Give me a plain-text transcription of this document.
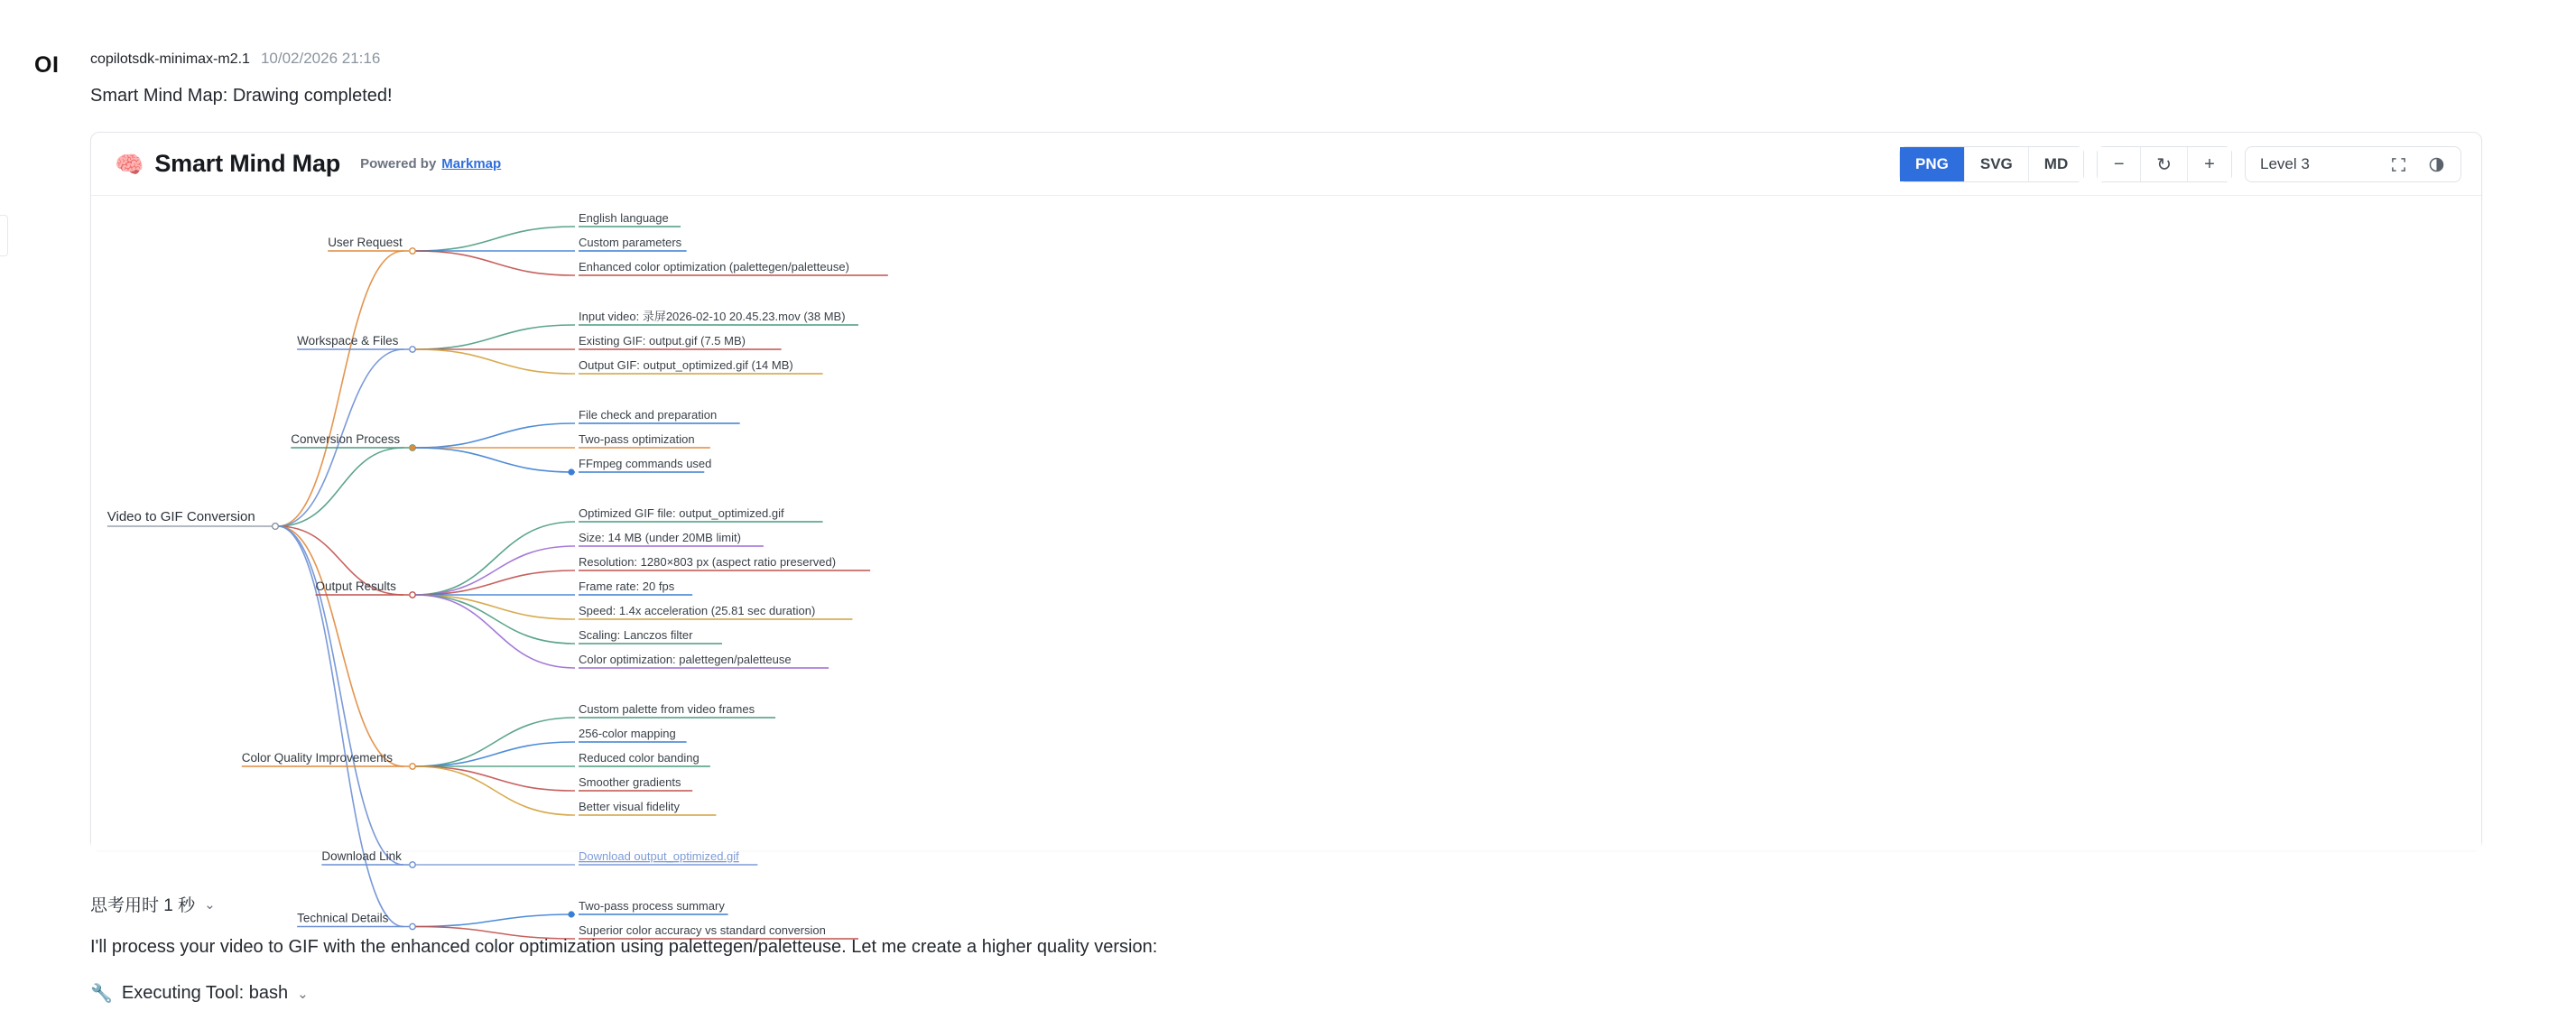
OI copilotsdk-minimax-m2.1 10/02/2026 21:16
Smart Mind Map: Drawing completed!
🧠 Smart Mind Map Powered by Markmap	PNG	SVG	MD	−	↻	+	Level 3
Video to GIF Conversion
User Request
English language
Custom parameters
Enhanced color optimization (palettegen/paletteuse)
Workspace & Files
Input video: 录屏2026-02-10 20.45.23.mov (38 MB)
Existing GIF: output.gif (7.5 MB)
Output GIF: output_optimized.gif (14 MB)
Conversion Process
File check and preparation
Two-pass optimization
FFmpeg commands used
Output Results
Optimized GIF file: output_optimized.gif
Size: 14 MB (under 20MB limit)
Resolution: 1280×803 px (aspect ratio preserved)
Frame rate: 20 fps
Speed: 1.4x acceleration (25.81 sec duration)
Scaling: Lanczos filter
Color optimization: palettegen/paletteuse
Color Quality Improvements
Custom palette from video frames
256-color mapping
Reduced color banding
Smoother gradients
Better visual fidelity
Download Link	Download output_optimized.gif
Technical Details
Two-pass process summary
Superior color accuracy vs standard conversion
思考用时 1 秒 ⌄
I'll process your video to GIF with the enhanced color optimization using palettegen/paletteuse. Let me create a higher quality version:
🔧 Executing Tool: bash ⌄
